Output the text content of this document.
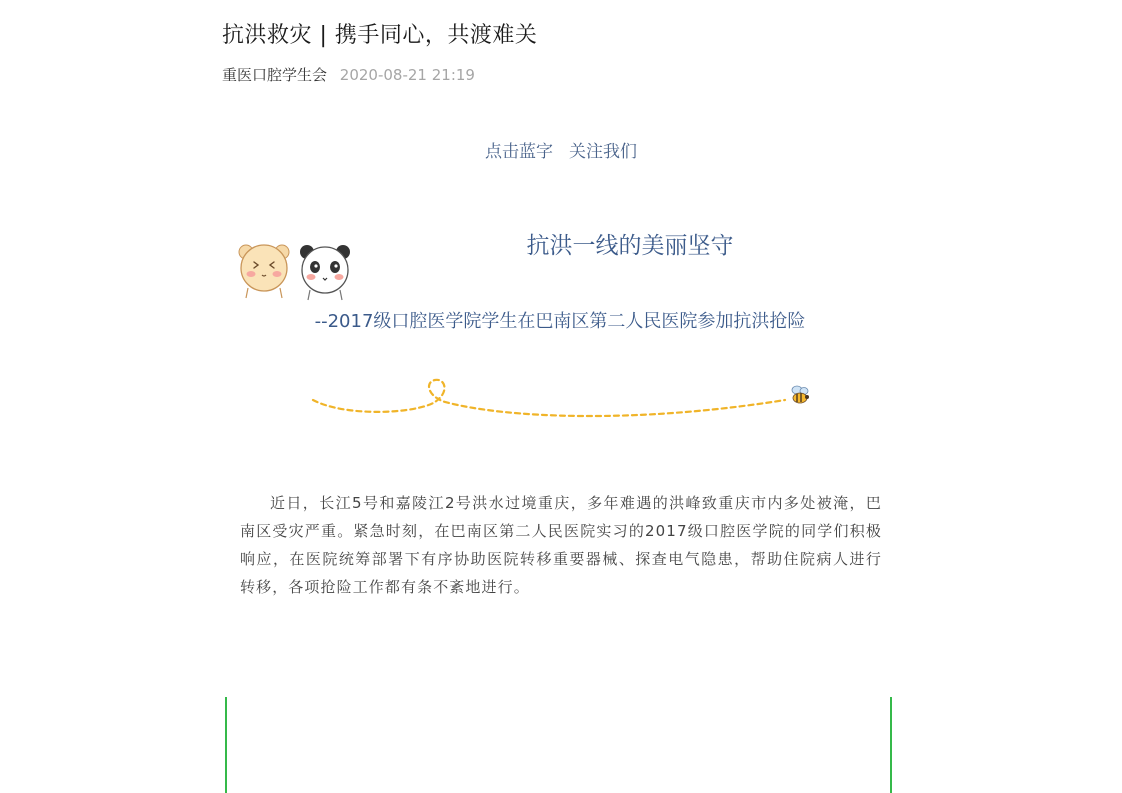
抗洪救灾 | 携手同心，共渡难关
重医口腔学生会 2020-08-21 21:19
点击蓝字 关注我们
抗洪一线的美丽坚守
--2017级口腔医学院学生在巴南区第二人民医院参加抗洪抢险

近日，长江5号和嘉陵江2号洪水过境重庆，多年难遇的洪峰致重庆市内多处被淹，巴南区受灾严重。紧急时刻，在巴南区第二人民医院实习的2017级口腔医学院的同学们积极响应，在医院统筹部署下有序协助医院转移重要器械、探查电气隐患，帮助住院病人进行转移，各项抢险工作都有条不紊地进行。
